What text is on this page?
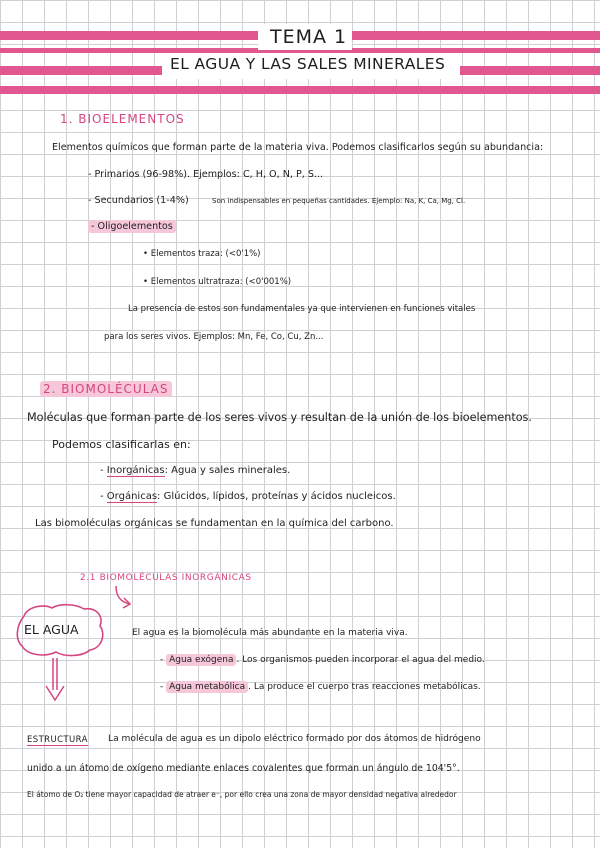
TEMA 1
EL AGUA Y LAS SALES MINERALES
1. BIOELEMENTOS
Elementos químicos que forman parte de la materia viva. Podemos clasificarlos según su abundancia:
- Primarios (96-98%). Ejemplos: C, H, O, N, P, S...
- Secundarios (1-4%)	Son indispensables en pequeñas cantidades. Ejemplo: Na, K, Ca, Mg, Cl.
- Oligoelementos
• Elementos traza: (<0'1%)
• Elementos ultratraza: (<0'001%)
La presencia de estos son fundamentales ya que intervienen en funciones vitales
para los seres vivos. Ejemplos: Mn, Fe, Co, Cu, Zn...
2. BIOMOLÉCULAS
Moléculas que forman parte de los seres vivos y resultan de la unión de los bioelementos.
Podemos clasificarlas en:
- Inorgánicas: Agua y sales minerales.
- Orgánicas: Glúcidos, lípidos, proteínas y ácidos nucleicos.
Las biomoléculas orgánicas se fundamentan en la química del carbono.
2.1 BIOMOLÉCULAS INORGÁNICAS
EL AGUA	El agua es la biomolécula más abundante en la materia viva.
- Agua exógena . Los organismos pueden incorporar el agua del medio.
- Agua metabólica . La produce el cuerpo tras reacciones metabólicas.
ESTRUCTURA La molécula de agua es un dipolo eléctrico formado por dos átomos de hidrógeno
unido a un átomo de oxígeno mediante enlaces covalentes que forman un ángulo de 104'5°.
El átomo de O₂ tiene mayor capacidad de atraer e⁻, por ello crea una zona de mayor densidad negativa alrededor
